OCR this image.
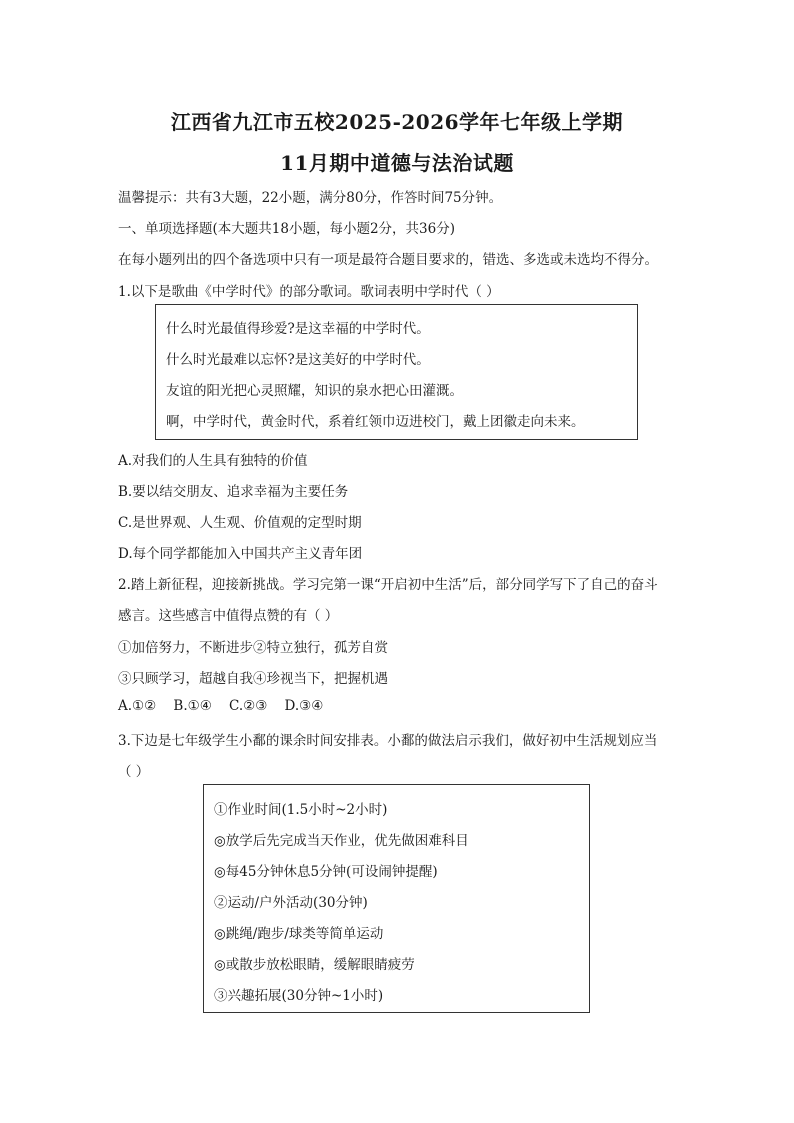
江西省九江市五校2025-2026学年七年级上学期
11月期中道德与法治试题
温馨提示：共有3大题，22小题，满分80分，作答时间75分钟。
一、单项选择题(本大题共18小题，每小题2分，共36分)
在每小题列出的四个备选项中只有一项是最符合题目要求的，错选、多选或未选均不得分。
1.以下是歌曲《中学时代》的部分歌词。歌词表明中学时代（ ）
什么时光最值得珍爱?是这幸福的中学时代。
什么时光最难以忘怀?是这美好的中学时代。
友谊的阳光把心灵照耀，知识的泉水把心田灌溉。
啊，中学时代，黄金时代，系着红领巾迈进校门，戴上团徽走向未来。
A.对我们的人生具有独特的价值
B.要以结交朋友、追求幸福为主要任务
C.是世界观、人生观、价值观的定型时期
D.每个同学都能加入中国共产主义青年团
2.踏上新征程，迎接新挑战。学习完第一课“开启初中生活”后，部分同学写下了自己的奋斗
感言。这些感言中值得点赞的有（ ）
①加倍努力，不断进步②特立独行，孤芳自赏
③只顾学习，超越自我④珍视当下，把握机遇
A.①②    B.①④    C.②③    D.③④
3.下边是七年级学生小鄱的课余时间安排表。小鄱的做法启示我们，做好初中生活规划应当
（ ）
①作业时间(1.5小时~2小时)
◎放学后先完成当天作业，优先做困难科目
◎每45分钟休息5分钟(可设闹钟提醒)
②运动/户外活动(30分钟)
◎跳绳/跑步/球类等简单运动
◎或散步放松眼睛，缓解眼睛疲劳
③兴趣拓展(30分钟~1小时)
